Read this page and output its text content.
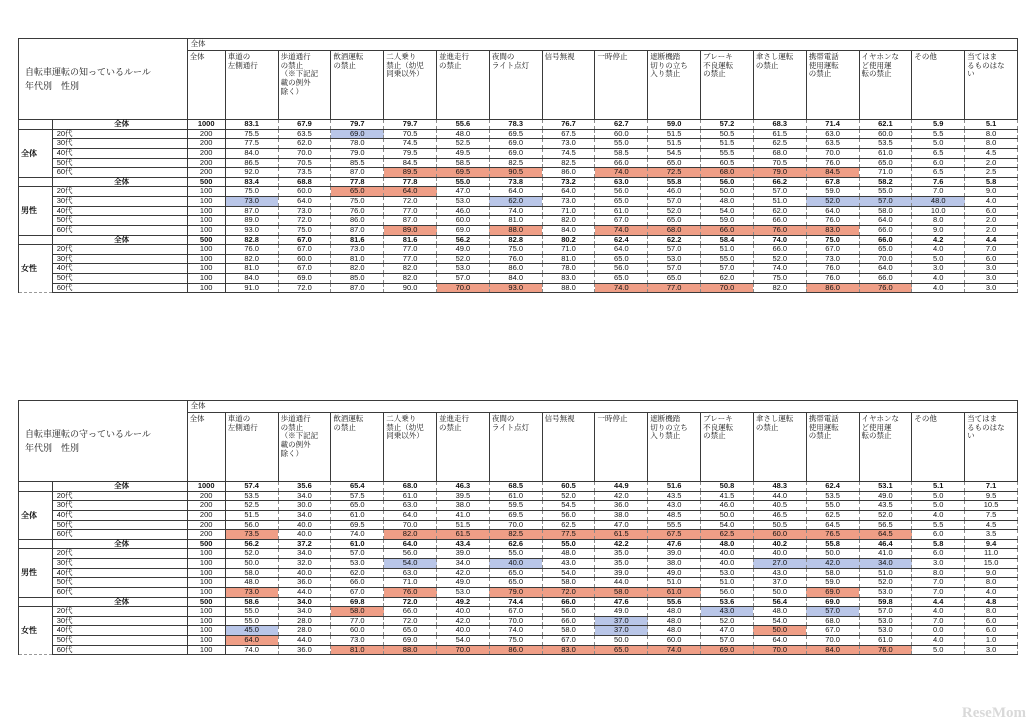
自転車運転の知っているルール
年代別　性別		全体															
		全体	車道の
左側通行	歩道通行
の禁止
（※下記記
載の例外
除く）	飲酒運転
の禁止	二人乗り
禁止（幼児
同乗以外）	並進走行
の禁止	夜間の
ライト点灯	信号無視	一時停止	遮断機踏
切りの立ち
入り禁止	ブレーキ
不良運転
の禁止	傘さし運転
の禁止	携帯電話
使用運転
の禁止	イヤホンな
ど使用運
転の禁止	その他	当てはま
るものはな
い

	全体	1000	83.1	67.9	79.7	79.7	55.6	78.3	76.7	62.7	59.0	57.2	68.3	71.4	62.1	5.9	5.1
全体	20代	200	75.5	63.5	69.0	70.5	48.0	69.5	67.5	60.0	51.5	50.5	61.5	63.0	60.0	5.5	8.0
	30代	200	77.5	62.0	78.0	74.5	52.5	69.0	73.0	55.0	51.5	51.5	62.5	63.5	53.5	5.0	8.0
	40代	200	84.0	70.0	79.0	79.5	49.5	69.0	74.5	58.5	54.5	55.5	68.0	70.0	61.0	6.5	4.5
	50代	200	86.5	70.5	85.5	84.5	58.5	82.5	82.5	66.0	65.0	60.5	70.5	76.0	65.0	6.0	2.0
	60代	200	92.0	73.5	87.0	89.5	69.5	90.5	86.0	74.0	72.5	68.0	79.0	84.5	71.0	6.5	2.5
	全体	500	83.4	68.8	77.8	77.8	55.0	73.8	73.2	63.0	55.8	56.0	66.2	67.8	58.2	7.6	5.8
男性	20代	100	75.0	60.0	65.0	64.0	47.0	64.0	64.0	56.0	46.0	50.0	57.0	59.0	55.0	7.0	9.0
	30代	100	73.0	64.0	75.0	72.0	53.0	62.0	73.0	65.0	57.0	48.0	51.0	52.0	57.0	48.0	4.0
	40代	100	87.0	73.0	76.0	77.0	46.0	74.0	71.0	61.0	52.0	54.0	62.0	64.0	58.0	10.0	6.0
	50代	100	89.0	72.0	86.0	87.0	60.0	81.0	82.0	67.0	65.0	59.0	66.0	76.0	64.0	8.0	2.0
	60代	100	93.0	75.0	87.0	89.0	69.0	88.0	84.0	74.0	68.0	66.0	76.0	83.0	66.0	9.0	2.0
	全体	500	82.8	67.0	81.6	81.6	56.2	82.8	80.2	62.4	62.2	58.4	74.0	75.0	66.0	4.2	4.4
女性	20代	100	76.0	67.0	73.0	77.0	49.0	75.0	71.0	64.0	57.0	51.0	66.0	67.0	65.0	4.0	7.0
	30代	100	82.0	60.0	81.0	77.0	52.0	76.0	81.0	65.0	53.0	55.0	52.0	73.0	70.0	5.0	6.0
	40代	100	81.0	67.0	82.0	82.0	53.0	86.0	78.0	56.0	57.0	57.0	74.0	76.0	64.0	3.0	3.0
	50代	100	84.0	69.0	85.0	82.0	57.0	84.0	83.0	65.0	65.0	62.0	75.0	76.0	66.0	4.0	3.0
	60代	100	91.0	72.0	87.0	90.0	70.0	93.0	88.0	74.0	77.0	70.0	82.0	86.0	76.0	4.0	3.0
自転車運転の守っているルール
年代別　性別		全体															
		全体	車道の
左側通行	歩道通行
の禁止
（※下記記
載の例外
除く）	飲酒運転
の禁止	二人乗り
禁止（幼児
同乗以外）	並進走行
の禁止	夜間の
ライト点灯	信号無視	一時停止	遮断機踏
切りの立ち
入り禁止	ブレーキ
不良運転
の禁止	傘さし運転
の禁止	携帯電話
使用運転
の禁止	イヤホンな
ど使用運
転の禁止	その他	当てはま
るものはな
い

	全体	1000	57.4	35.6	65.4	68.0	46.3	68.5	60.5	44.9	51.6	50.8	48.3	62.4	53.1	5.1	7.1
全体	20代	200	53.5	34.0	57.5	61.0	39.5	61.0	52.0	42.0	43.5	41.5	44.0	53.5	49.0	5.0	9.5
	30代	200	52.5	30.0	65.0	63.0	38.0	59.5	54.5	36.0	43.0	46.0	40.5	55.0	43.5	5.0	10.5
	40代	200	51.5	34.0	61.0	64.0	41.0	69.5	56.0	38.0	48.5	50.0	46.5	62.5	52.0	4.0	7.5
	50代	200	56.0	40.0	69.5	70.0	51.5	70.0	62.5	47.0	55.5	54.0	50.5	64.5	56.5	5.5	4.5
	60代	200	73.5	40.0	74.0	82.0	61.5	82.5	77.5	61.5	67.5	62.5	60.0	76.5	64.5	6.0	3.5
	全体	500	56.2	37.2	61.0	64.0	43.4	62.6	55.0	42.2	47.6	48.0	40.2	55.8	46.4	5.8	9.4
男性	20代	100	52.0	34.0	57.0	56.0	39.0	55.0	48.0	35.0	39.0	40.0	40.0	50.0	41.0	6.0	11.0
	30代	100	50.0	32.0	53.0	54.0	34.0	40.0	43.0	35.0	38.0	40.0	27.0	42.0	34.0	3.0	15.0
	40代	100	58.0	40.0	62.0	63.0	42.0	65.0	54.0	39.0	49.0	53.0	43.0	58.0	51.0	8.0	9.0
	50代	100	48.0	36.0	66.0	71.0	49.0	65.0	58.0	44.0	51.0	51.0	37.0	59.0	52.0	7.0	8.0
	60代	100	73.0	44.0	67.0	76.0	53.0	79.0	72.0	58.0	61.0	56.0	50.0	69.0	53.0	7.0	4.0
	全体	500	58.6	34.0	69.8	72.0	49.2	74.4	66.0	47.6	55.6	53.6	56.4	69.0	59.8	4.4	4.8
女性	20代	100	55.0	34.0	58.0	66.0	40.0	67.0	56.0	49.0	48.0	43.0	48.0	57.0	57.0	4.0	8.0
	30代	100	55.0	28.0	77.0	72.0	42.0	70.0	66.0	37.0	48.0	52.0	54.0	68.0	53.0	7.0	6.0
	40代	100	45.0	28.0	60.0	65.0	40.0	74.0	58.0	37.0	48.0	47.0	50.0	67.0	53.0	0.0	6.0
	50代	100	64.0	44.0	73.0	69.0	54.0	75.0	67.0	50.0	60.0	57.0	64.0	70.0	61.0	4.0	1.0
	60代	100	74.0	36.0	81.0	88.0	70.0	86.0	83.0	65.0	74.0	69.0	70.0	84.0	76.0	5.0	3.0
ReseMom
